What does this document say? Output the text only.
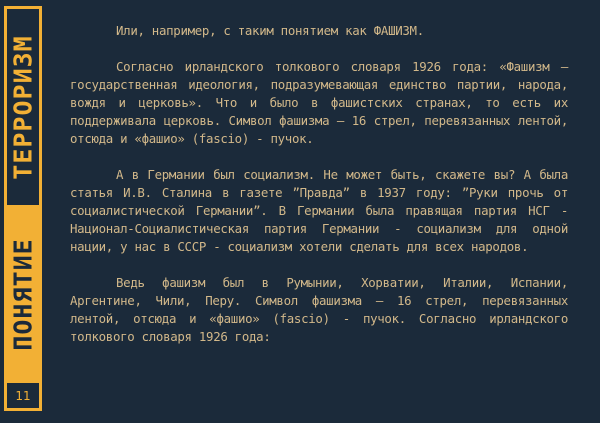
ТЕРРОРИЗМ
ПОНЯТИЕ
11

Или, например, с таким понятием как ФАШИЗМ.

Согласно ирландского толкового словаря 1926 года: «Фашизм – государственная идеология, подразумевающая единство партии, народа, вождя и церковь». Что и было в фашистских странах, то есть их поддерживала церковь. Символ фашизма – 16 стрел, перевязанных лентой, отсюда и «фашио» (fascio) - пучок.

А в Германии был социализм. Не может быть, скажете вы? А была статья И.В. Сталина в газете ”Правда” в 1937 году: ”Руки прочь от социалистической Германии”. В Германии была правящая партия НСГ - Национал-Социалистическая партия Германии - социализм для одной нации, у нас в СССР - социализм хотели сделать для всех народов.

Ведь фашизм был в Румынии, Хорватии, Италии, Испании, Аргентине, Чили, Перу. Символ фашизма – 16 стрел, перевязанных лентой, отсюда и «фашио» (fascio) - пучок. Согласно ирландского толкового словаря 1926 года:
